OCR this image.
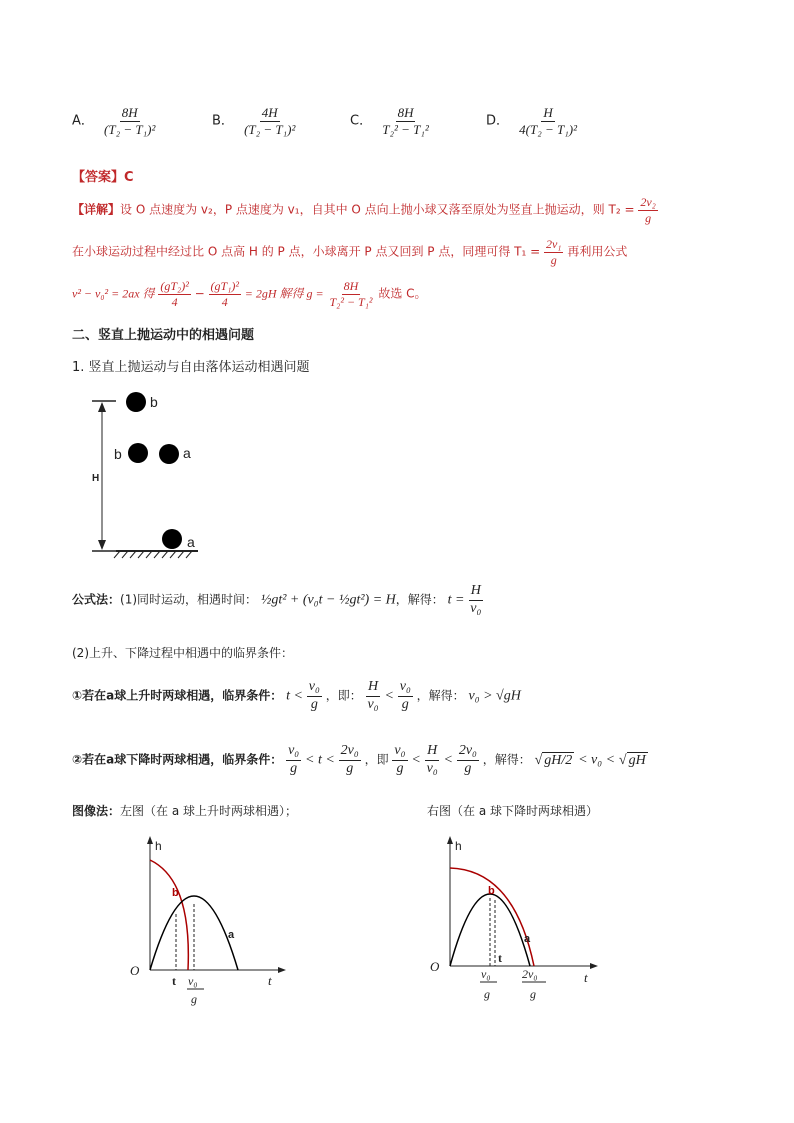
A． $\frac{8H}{\text{(T₂ − T₁)²}}$	B． $\frac{4H}{\text{(T₂ − T₁)²}}$	C． $\frac{8H}{\text{T₂² − T₁²}}$	D． $\frac{H}{\text{4(T₂ − T₁)²}}$
【答案】C
【详解】设 O 点速度为 v₂，P 点速度为 v₁，自其中 O 点向上抛小球又落至原处为竖直上抛运动，则 $T_2 = \frac{\text{2v₂}}{g}$
在小球运动过程中经过比 O 点高 H 的 P 点，小球离开 P 点又回到 P 点，同理可得 $T_1 = \frac{\text{2v₁}}{g}$ 再利用公式
v² − v₀² = 2ax 得 $\frac{\text{(gT₂)²}}{4} - \frac{\text{(gT₁)²}}{4} = 2gH$ 解得 $g = \frac{8H}{\text{T₂² − T₁²}}$ 故选 C。
二、竖直上抛运动中的相遇问题
1. 竖直上抛运动与自由落体运动相遇问题
H
b
b	a
a
公式法：(1)同时运动，相遇时间： ½gt² + (v₀t − ½gt²) = H，解得： $t = \frac{H}{\text{v₀}}$
(2)上升、下降过程中相遇中的临界条件：
①若在a球上升时两球相遇，临界条件： $t < \frac{\text{v₀}}{g}$ ，即： $\frac{H}{\text{v₀}} < \frac{\text{v₀}}{g}$ ，解得： v₀ > √gH
②若在a球下降时两球相遇，临界条件： $\frac{\text{v₀}}{g} < t < \frac{\text{2v₀}}{g}$ ，即 $\frac{\text{v₀}}{g} < \frac{H}{\text{v₀}} < \frac{\text{2v₀}}{g}$ ，解得： √ gH/2 < v₀ < √ gH
图像法：左图（在 a 球上升时两球相遇）；	右图（在 a 球下降时两球相遇）
h
O
t
b
a
t v₀
g
h
O
t
b
a
t
v₀
g
2v₀
g
